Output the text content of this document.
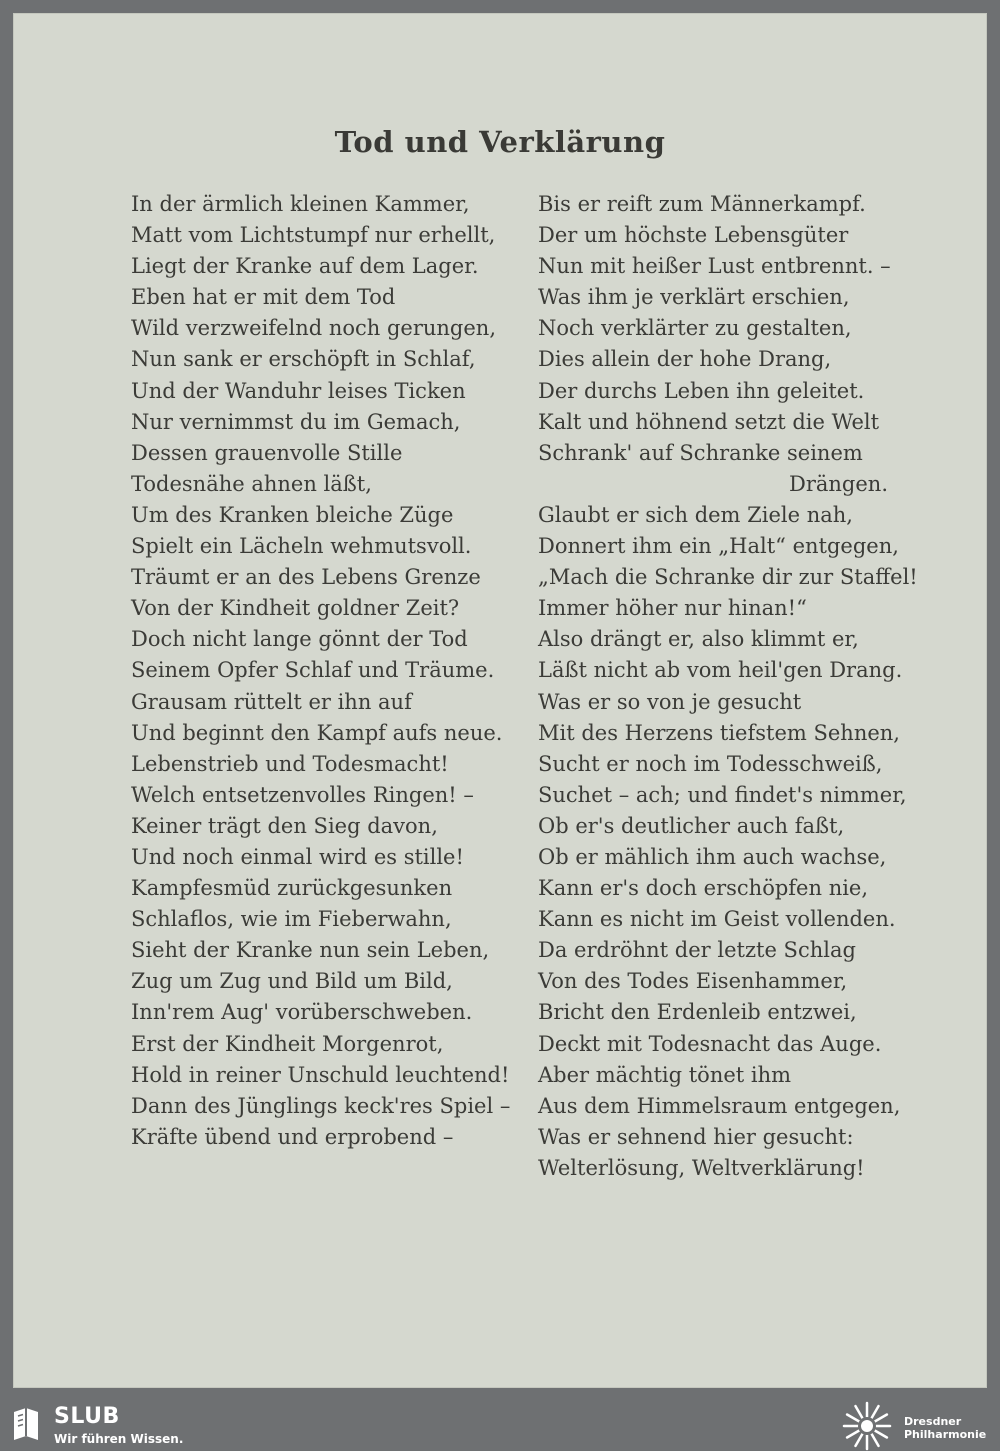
Tod und Verklärung
In der ärmlich kleinen Kammer,
Matt vom Lichtstumpf nur erhellt,
Liegt der Kranke auf dem Lager.
Eben hat er mit dem Tod
Wild verzweifelnd noch gerungen,
Nun sank er erschöpft in Schlaf,
Und der Wanduhr leises Ticken
Nur vernimmst du im Gemach,
Dessen grauenvolle Stille
Todesnähe ahnen läßt,
Um des Kranken bleiche Züge
Spielt ein Lächeln wehmutsvoll.
Träumt er an des Lebens Grenze
Von der Kindheit goldner Zeit?
Doch nicht lange gönnt der Tod
Seinem Opfer Schlaf und Träume.
Grausam rüttelt er ihn auf
Und beginnt den Kampf aufs neue.
Lebenstrieb und Todesmacht!
Welch entsetzenvolles Ringen! –
Keiner trägt den Sieg davon,
Und noch einmal wird es stille!
Kampfesmüd zurückgesunken
Schlaflos, wie im Fieberwahn,
Sieht der Kranke nun sein Leben,
Zug um Zug und Bild um Bild,
Inn'rem Aug' vorüberschweben.
Erst der Kindheit Morgenrot,
Hold in reiner Unschuld leuchtend!
Dann des Jünglings keck'res Spiel –
Kräfte übend und erprobend –
Bis er reift zum Männerkampf.
Der um höchste Lebensgüter
Nun mit heißer Lust entbrennt. –
Was ihm je verklärt erschien,
Noch verklärter zu gestalten,
Dies allein der hohe Drang,
Der durchs Leben ihn geleitet.
Kalt und höhnend setzt die Welt
Schrank' auf Schranke seinem
Drängen.
Glaubt er sich dem Ziele nah,
Donnert ihm ein „Halt“ entgegen,
„Mach die Schranke dir zur Staffel!
Immer höher nur hinan!“
Also drängt er, also klimmt er,
Läßt nicht ab vom heil'gen Drang.
Was er so von je gesucht
Mit des Herzens tiefstem Sehnen,
Sucht er noch im Todesschweiß,
Suchet – ach; und findet's nimmer,
Ob er's deutlicher auch faßt,
Ob er mählich ihm auch wachse,
Kann er's doch erschöpfen nie,
Kann es nicht im Geist vollenden.
Da erdröhnt der letzte Schlag
Von des Todes Eisenhammer,
Bricht den Erdenleib entzwei,
Deckt mit Todesnacht das Auge.
Aber mächtig tönet ihm
Aus dem Himmelsraum entgegen,
Was er sehnend hier gesucht:
Welterlösung, Weltverklärung!
SLUB
Wir führen Wissen.
Dresdner
Philharmonie
